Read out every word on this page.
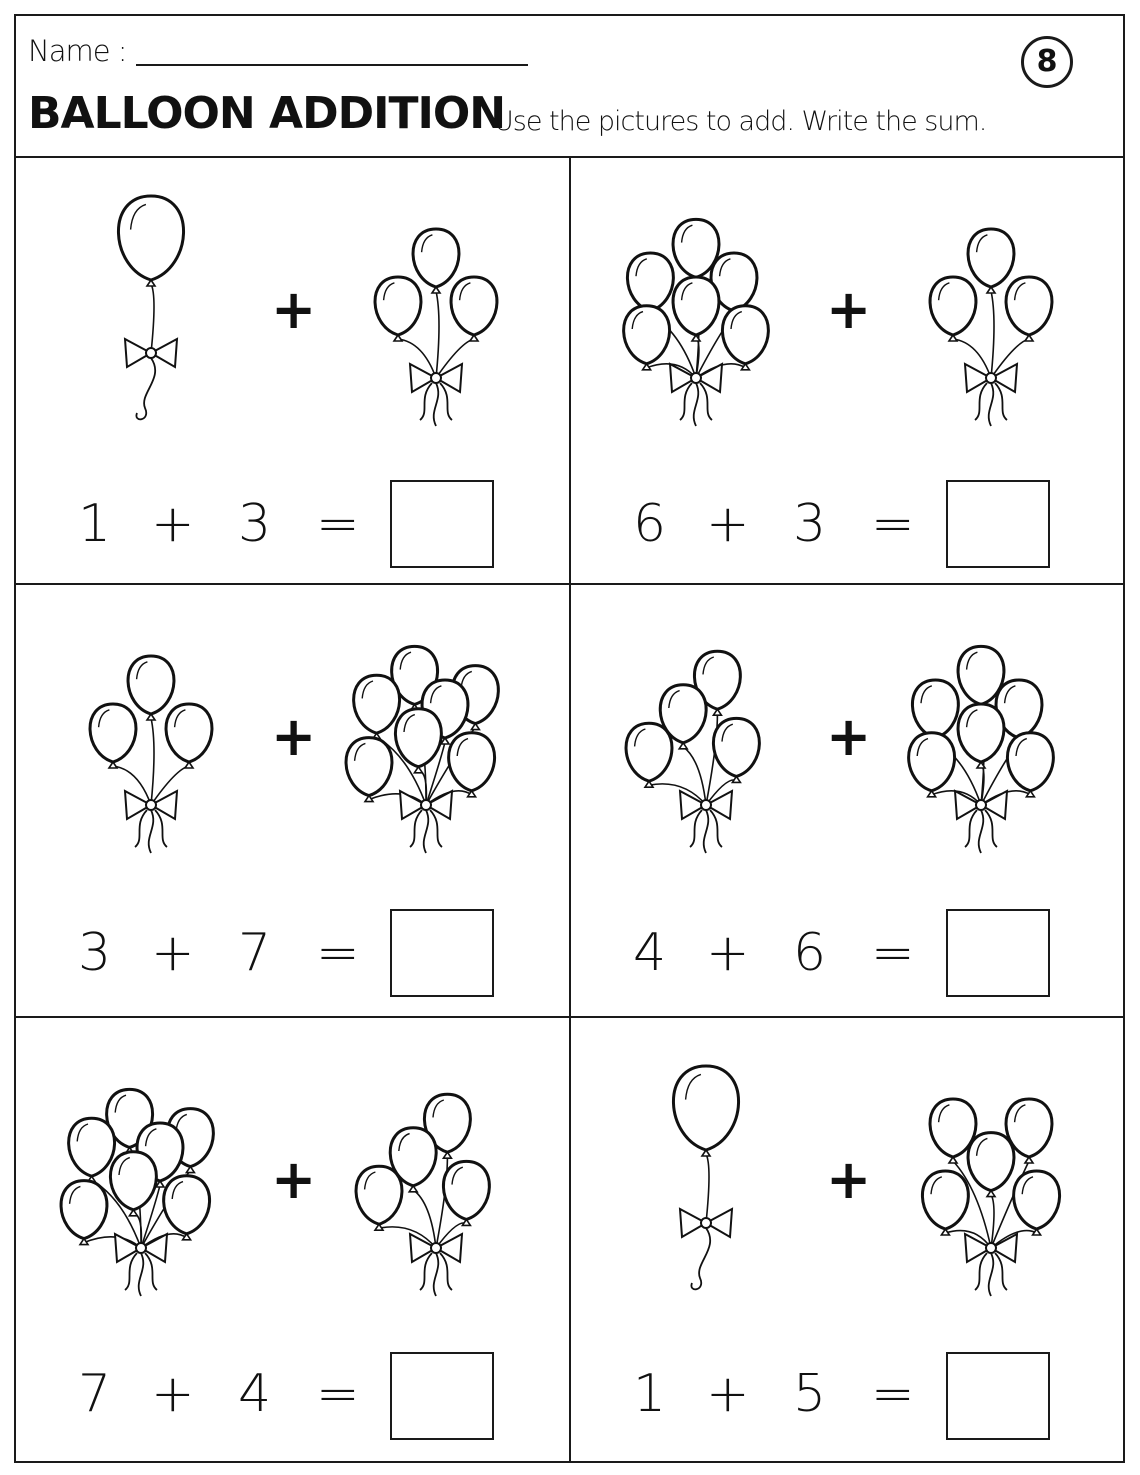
Name :
BALLOON ADDITION
Use the pictures to add. Write the sum.
8
+
1 + 3 =
+
6 + 3 =
+
3 + 7 =
+
4 + 6 =
+
7 + 4 =
+
1 + 5 =
